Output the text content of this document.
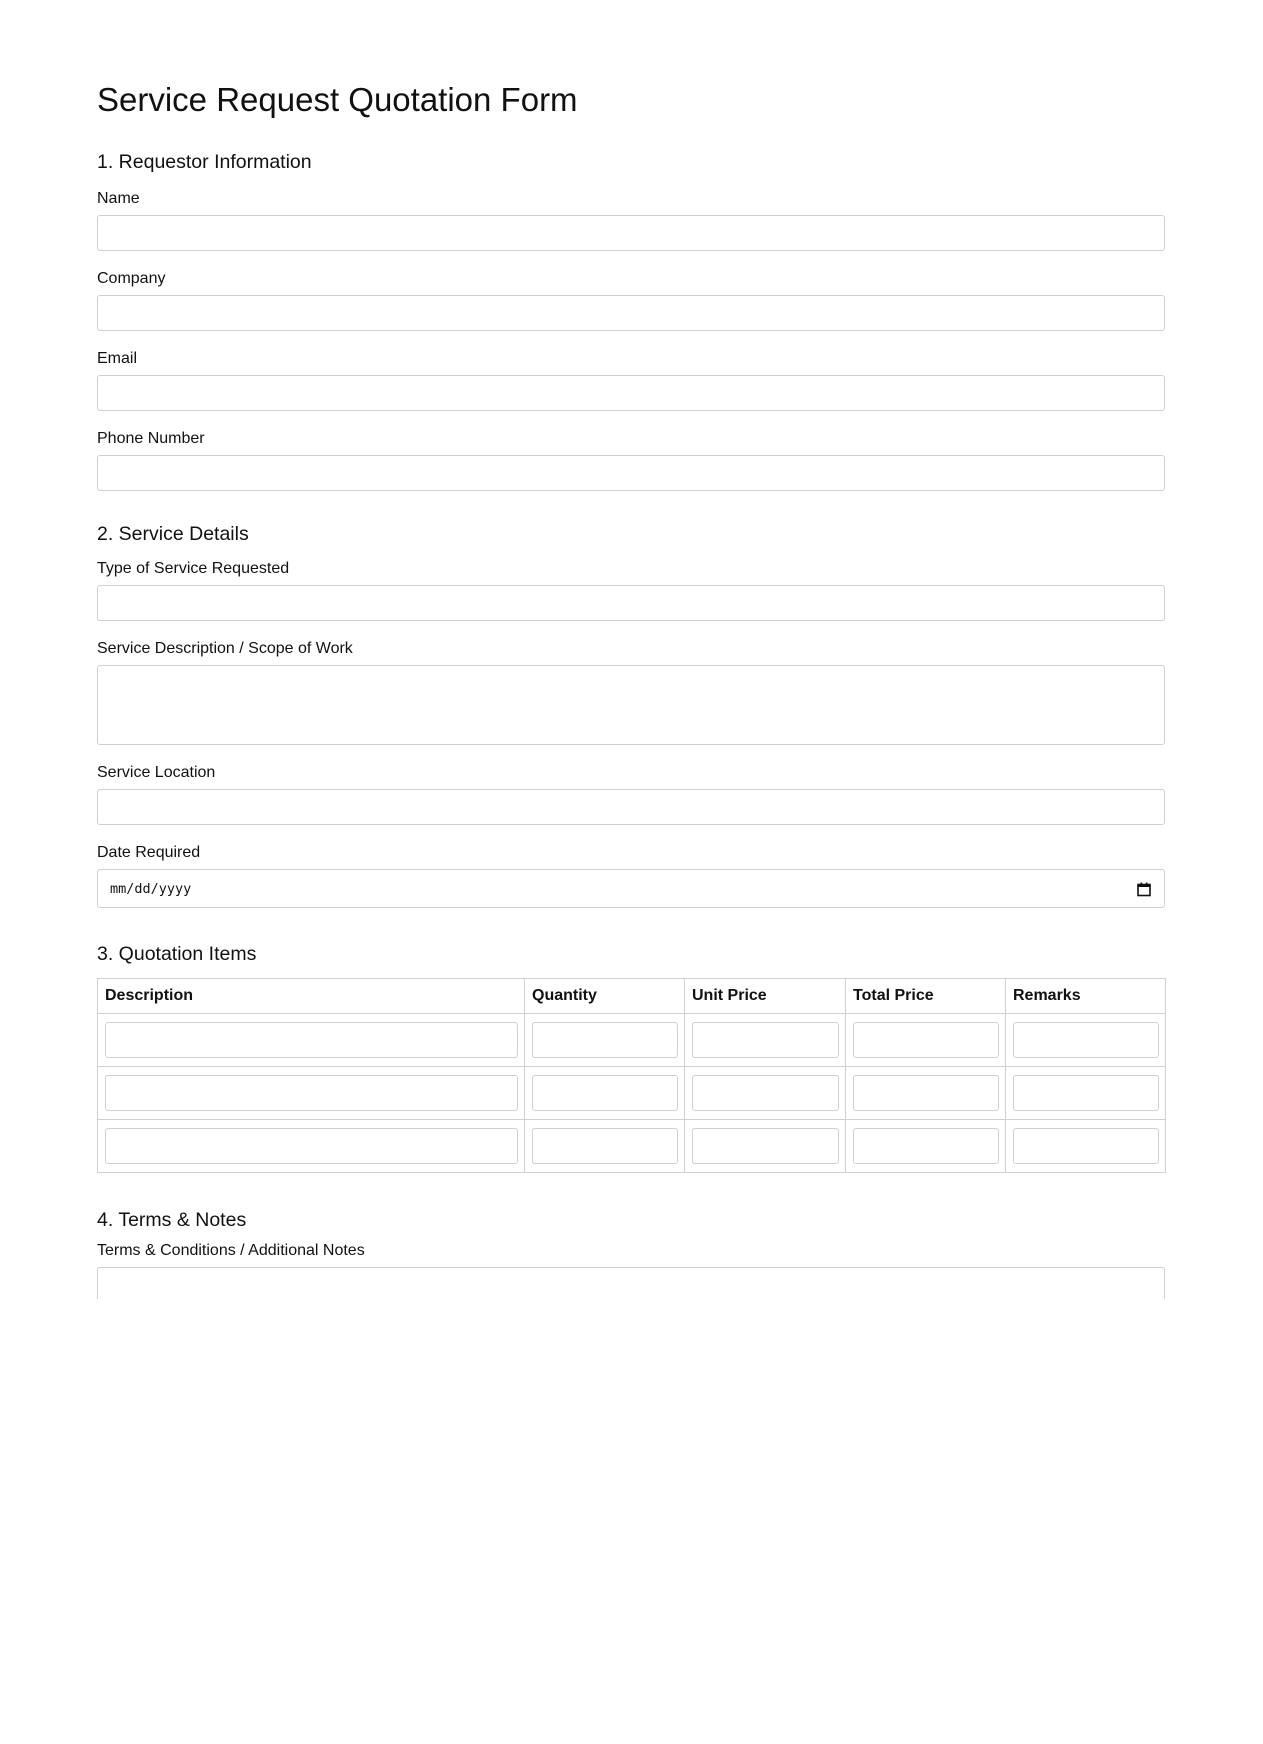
Service Request Quotation Form
1. Requestor Information
Name
Company
Email
Phone Number
2. Service Details
Type of Service Requested
Service Description / Scope of Work
Service Location
Date Required
mm/dd/yyyy
3. Quotation Items
Description	Quantity	Unit Price	Total Price	Remarks

4. Terms & Notes
Terms & Conditions / Additional Notes
